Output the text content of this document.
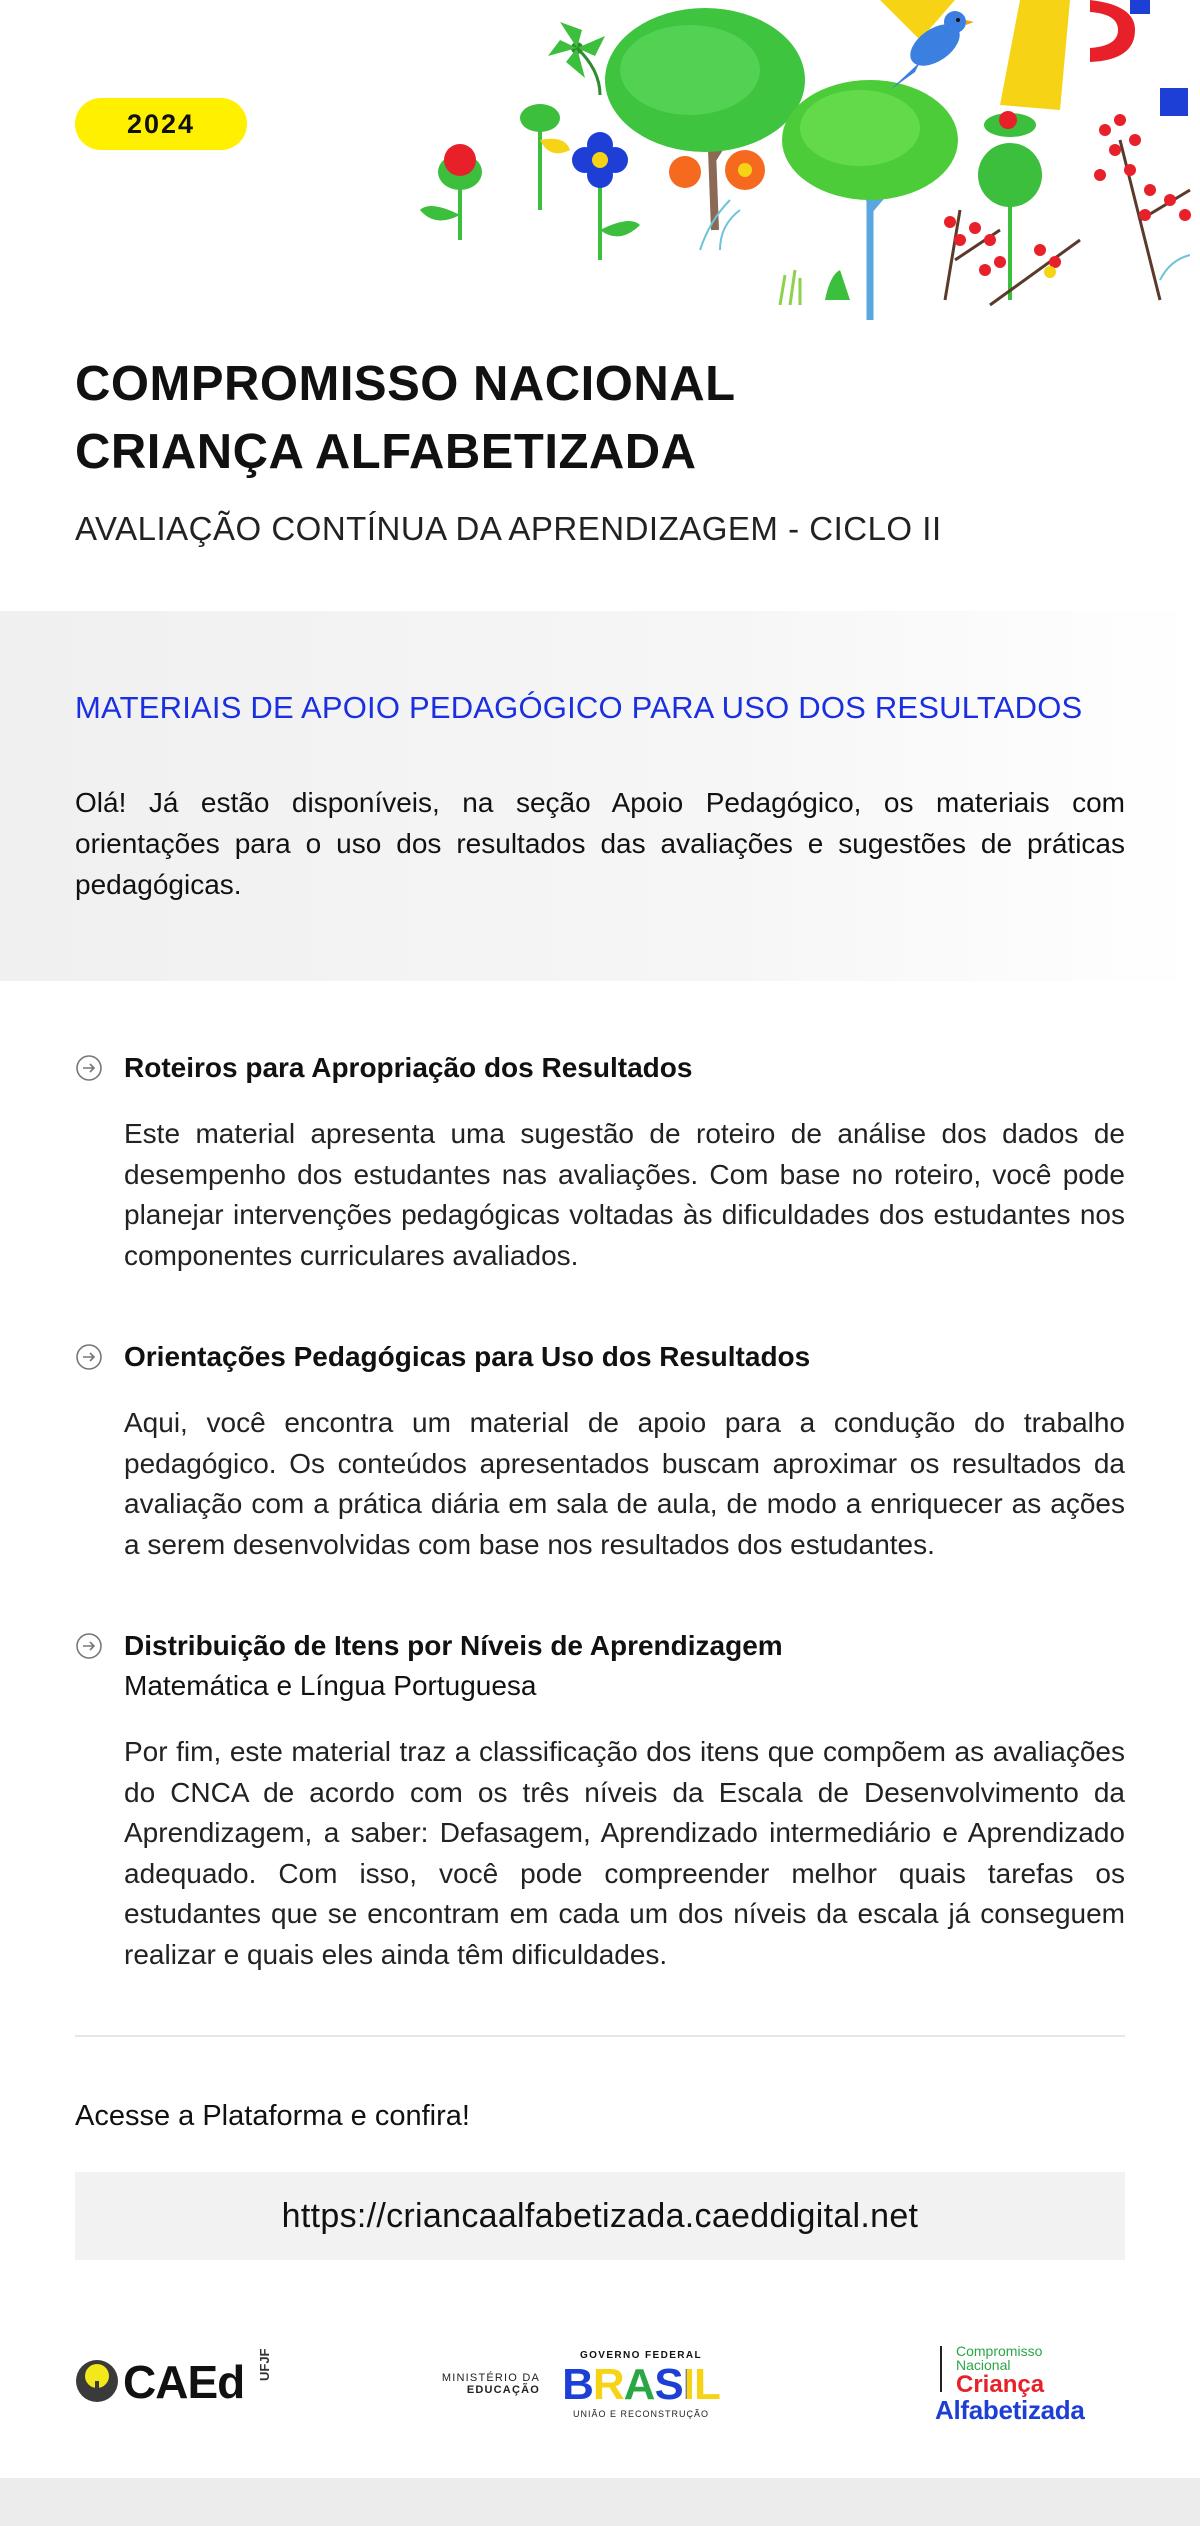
2024
COMPROMISSO NACIONAL
CRIANÇA ALFABETIZADA
AVALIAÇÃO CONTÍNUA DA APRENDIZAGEM - CICLO II
MATERIAIS DE APOIO PEDAGÓGICO PARA USO DOS RESULTADOS
Olá! Já estão disponíveis, na seção Apoio Pedagógico, os materiais com orientações para o uso dos resultados das avaliações e sugestões de práticas pedagógicas.
Roteiros para Apropriação dos Resultados
Este material apresenta uma sugestão de roteiro de análise dos dados de desempenho dos estudantes nas avaliações. Com base no roteiro, você pode planejar intervenções pedagógicas voltadas às dificuldades dos estudantes nos componentes curriculares avaliados.
Orientações Pedagógicas para Uso dos Resultados
Aqui, você encontra um material de apoio para a condução do trabalho pedagógico. Os conteúdos apresentados buscam aproximar os resultados da avaliação com a prática diária em sala de aula, de modo a enriquecer as ações a serem desenvolvidas com base nos resultados dos estudantes.
Distribuição de Itens por Níveis de Aprendizagem
Matemática e Língua Portuguesa
Por fim, este material traz a classificação dos itens que compõem as avaliações do CNCA de acordo com os três níveis da Escala de Desenvolvimento da Aprendizagem, a saber: Defasagem, Aprendizado intermediário e Aprendizado adequado. Com isso, você pode compreender melhor quais tarefas os estudantes que se encontram em cada um dos níveis da escala já conseguem realizar e quais eles ainda têm dificuldades.
Acesse a Plataforma e confira!
https://criancaalfabetizada.caeddigital.net
CAEd UFJF	MINISTÉRIO DA
EDUCAÇÃO
GOVERNO FEDERAL
BRASIL
UNIÃO E RECONSTRUÇÃO
Compromisso
Nacional
Criança
Alfabetizada
